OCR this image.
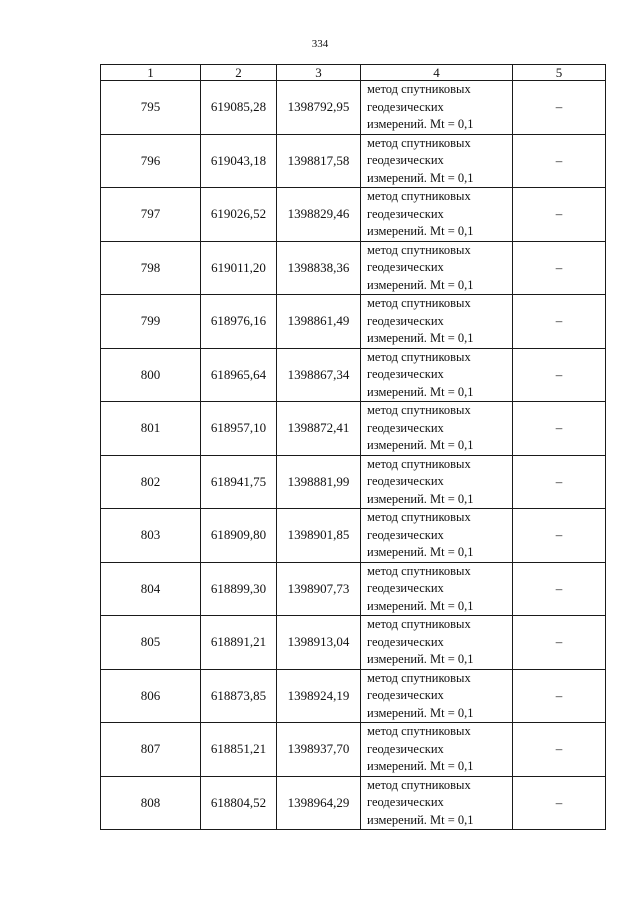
334
1	2	3	4	5
795	619085,28	1398792,95	метод спутниковых
геодезических
измерений. Mt = 0,1	–
796	619043,18	1398817,58	метод спутниковых
геодезических
измерений. Mt = 0,1	–
797	619026,52	1398829,46	метод спутниковых
геодезических
измерений. Mt = 0,1	–
798	619011,20	1398838,36	метод спутниковых
геодезических
измерений. Mt = 0,1	–
799	618976,16	1398861,49	метод спутниковых
геодезических
измерений. Mt = 0,1	–
800	618965,64	1398867,34	метод спутниковых
геодезических
измерений. Mt = 0,1	–
801	618957,10	1398872,41	метод спутниковых
геодезических
измерений. Mt = 0,1	–
802	618941,75	1398881,99	метод спутниковых
геодезических
измерений. Mt = 0,1	–
803	618909,80	1398901,85	метод спутниковых
геодезических
измерений. Mt = 0,1	–
804	618899,30	1398907,73	метод спутниковых
геодезических
измерений. Mt = 0,1	–
805	618891,21	1398913,04	метод спутниковых
геодезических
измерений. Mt = 0,1	–
806	618873,85	1398924,19	метод спутниковых
геодезических
измерений. Mt = 0,1	–
807	618851,21	1398937,70	метод спутниковых
геодезических
измерений. Mt = 0,1	–
808	618804,52	1398964,29	метод спутниковых
геодезических
измерений. Mt = 0,1	–
